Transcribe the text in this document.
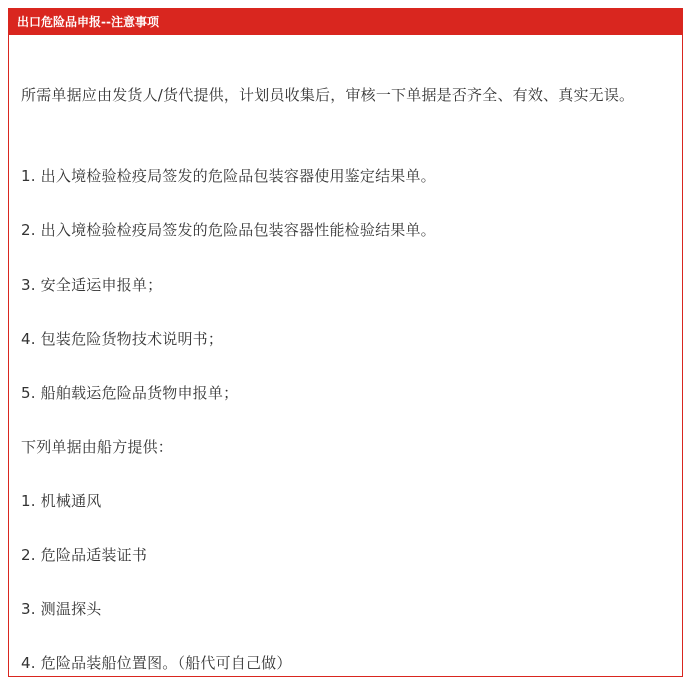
出口危险品申报--注意事项

所需单据应由发货人/货代提供，计划员收集后，审核一下单据是否齐全、有效、真实无误。

1. 出入境检验检疫局签发的危险品包装容器使用鉴定结果单。

2. 出入境检验检疫局签发的危险品包装容器性能检验结果单。

3. 安全适运申报单；

4. 包装危险货物技术说明书；

5. 船舶载运危险品货物申报单；

下列单据由船方提供：

1. 机械通风

2. 危险品适装证书

3. 测温探头

4. 危险品装船位置图。（船代可自己做）
